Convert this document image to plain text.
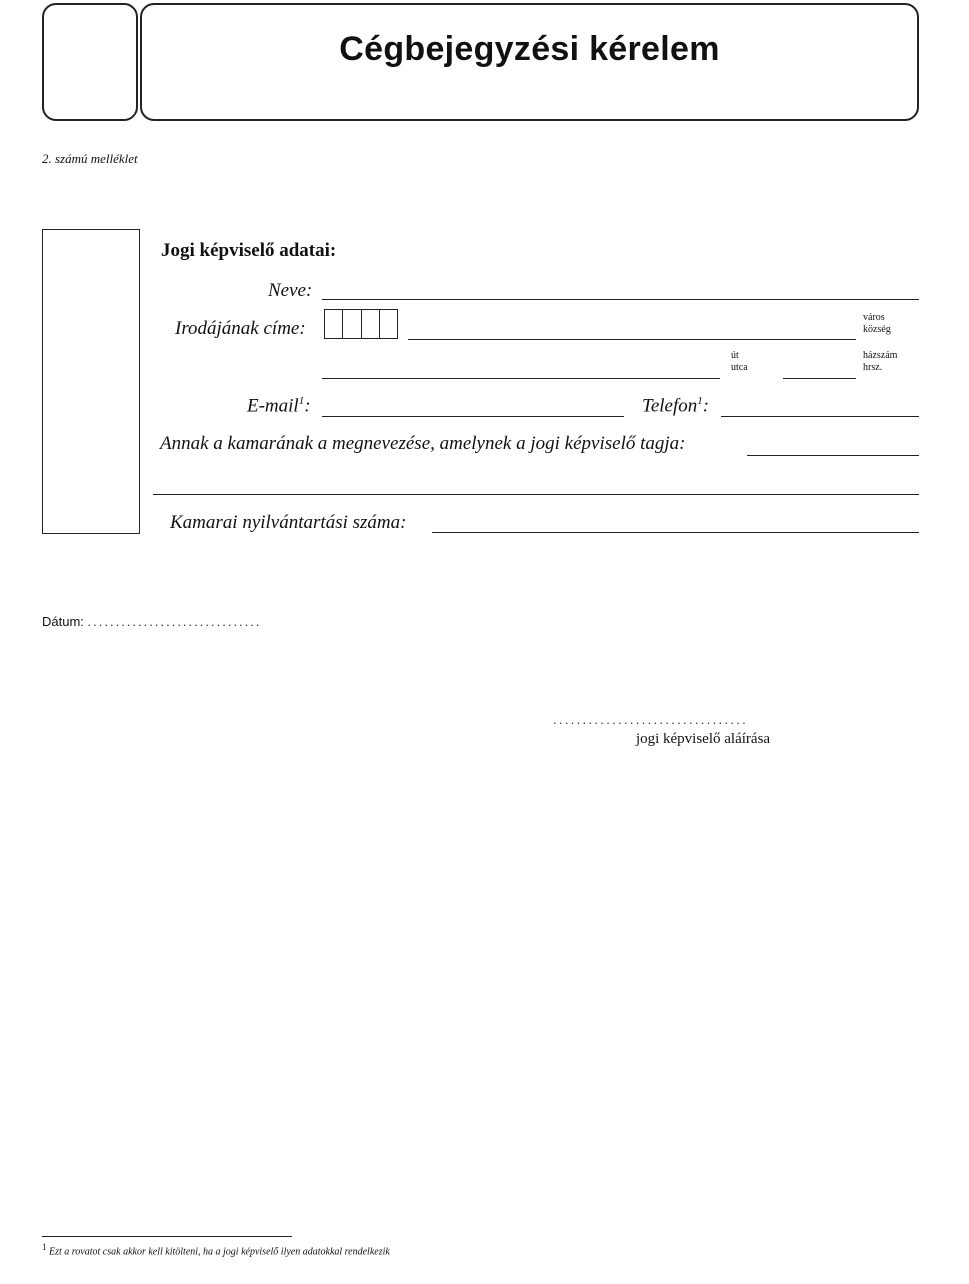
Cégbejegyzési kérelem
2. számú melléklet
Jogi képviselő adatai:
Neve:
Irodájának címe:
város
község
út
utca
házszám
hrsz.
E-mail$^1$:	Telefon$^1$:
Annak a kamarának a megnevezése, amelynek a jogi képviselő tagja:
Kamarai nyilvántartási száma:
Dátum: ...............................
.................................
jogi képviselő aláírása
$^1$ Ezt a rovatot csak akkor kell kitölteni, ha a jogi képviselő ilyen adatokkal rendelkezik
